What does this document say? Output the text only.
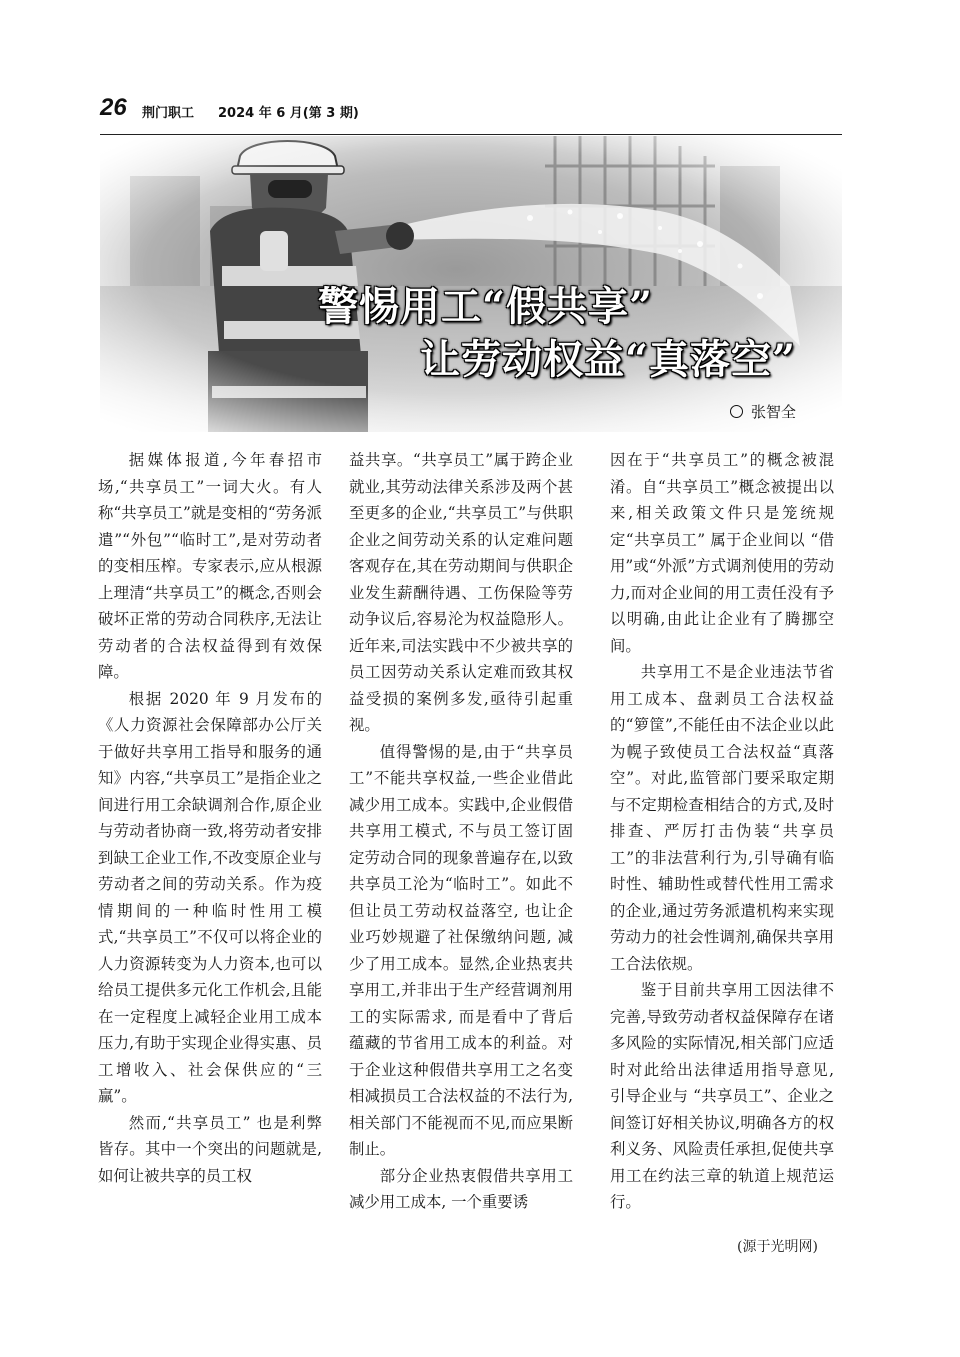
26 荆门职工 2024 年 6 月(第 3 期)
警惕用工“假共享”
让劳动权益“真落空”
张智全

据媒体报道,今年春招市场,“共享员工”一词大火。有人称“共享员工”就是变相的“劳务派遣”“外包”“临时工”,是对劳动者的变相压榨。专家表示,应从根源上理清“共享员工”的概念,否则会破坏正常的劳动合同秩序,无法让劳动者的合法权益得到有效保障。

根据 2020 年 9 月发布的《人力资源社会保障部办公厅关于做好共享用工指导和服务的通知》内容,“共享员工”是指企业之间进行用工余缺调剂合作,原企业与劳动者协商一致,将劳动者安排到缺工企业工作,不改变原企业与劳动者之间的劳动关系。作为疫情期间的一种临时性用工模式,“共享员工”不仅可以将企业的人力资源转变为人力资本,也可以给员工提供多元化工作机会,且能在一定程度上减轻企业用工成本压力,有助于实现企业得实惠、员工增收入、社会保供应的“三赢”。

然而,“共享员工” 也是利弊皆存。其中一个突出的问题就是,如何让被共享的员工权

益共享。“共享员工”属于跨企业就业,其劳动法律关系涉及两个甚至更多的企业,“共享员工”与供职企业之间劳动关系的认定难问题客观存在,其在劳动期间与供职企业发生薪酬待遇、工伤保险等劳动争议后,容易沦为权益隐形人。近年来,司法实践中不少被共享的员工因劳动关系认定难而致其权益受损的案例多发,亟待引起重视。

值得警惕的是,由于“共享员工”不能共享权益,一些企业借此减少用工成本。实践中,企业假借共享用工模式, 不与员工签订固定劳动合同的现象普遍存在,以致共享员工沦为“临时工”。如此不但让员工劳动权益落空, 也让企业巧妙规避了社保缴纳问题, 减少了用工成本。显然,企业热衷共享用工,并非出于生产经营调剂用工的实际需求, 而是看中了背后蕴藏的节省用工成本的利益。对于企业这种假借共享用工之名变相减损员工合法权益的不法行为,相关部门不能视而不见,而应果断制止。

部分企业热衷假借共享用工减少用工成本, 一个重要诱

因在于“共享员工”的概念被混淆。自“共享员工”概念被提出以来,相关政策文件只是笼统规定“共享员工” 属于企业间以 “借用”或“外派”方式调剂使用的劳动力,而对企业间的用工责任没有予以明确,由此让企业有了腾挪空间。

共享用工不是企业违法节省用工成本、盘剥员工合法权益的“箩筐”,不能任由不法企业以此为幌子致使员工合法权益“真落空”。对此,监管部门要采取定期与不定期检查相结合的方式,及时排查、严厉打击伪装“共享员工”的非法营利行为,引导确有临时性、辅助性或替代性用工需求的企业,通过劳务派遣机构来实现劳动力的社会性调剂,确保共享用工合法依规。

鉴于目前共享用工因法律不完善,导致劳动者权益保障存在诸多风险的实际情况,相关部门应适时对此给出法律适用指导意见, 引导企业与 “共享员工”、企业之间签订好相关协议,明确各方的权利义务、风险责任承担,促使共享用工在约法三章的轨道上规范运行。

(源于光明网)
